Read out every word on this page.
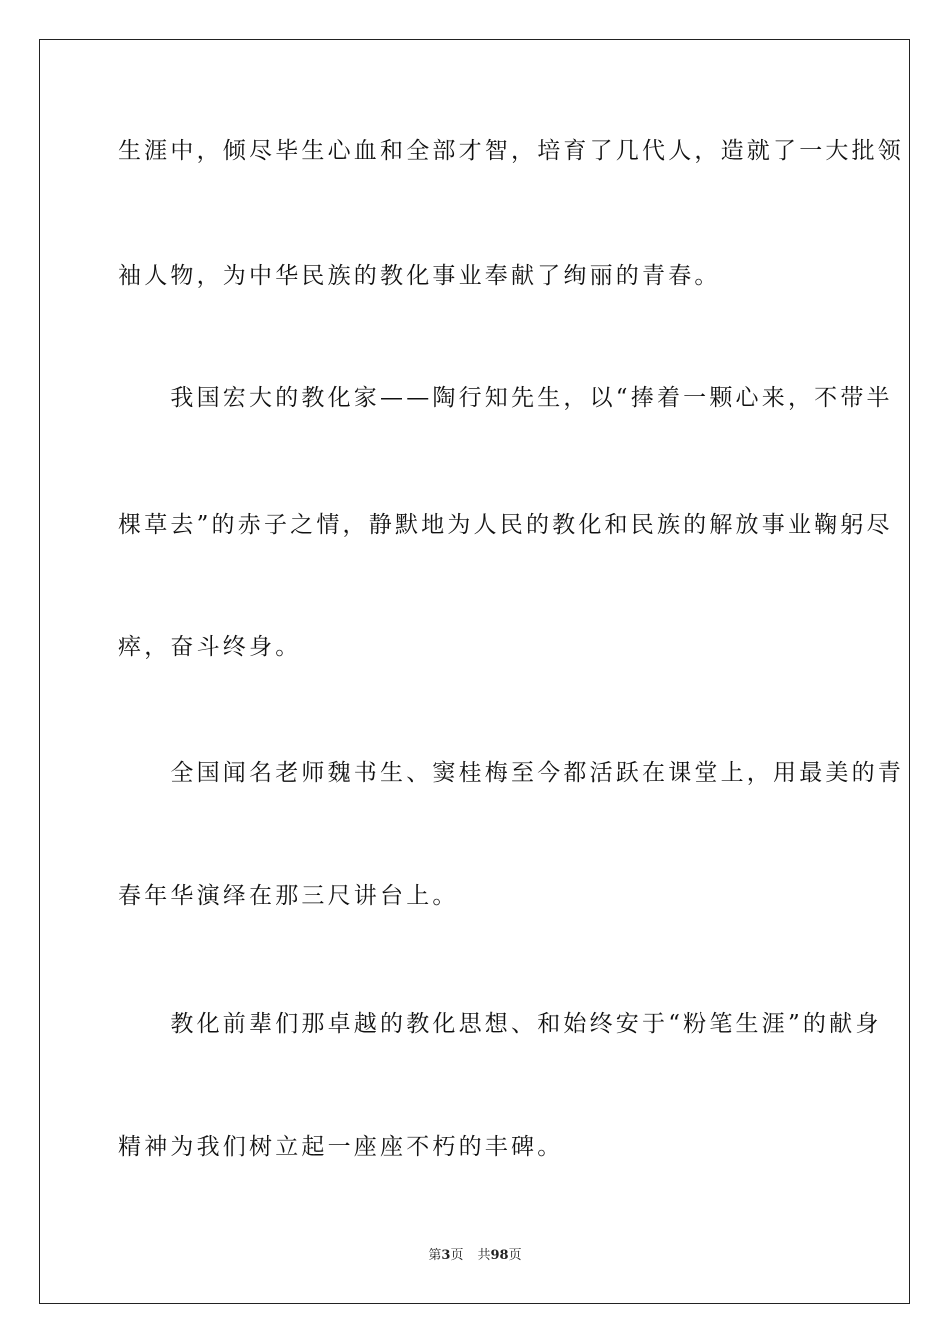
生涯中，倾尽毕生心血和全部才智，培育了几代人，造就了一大批领
袖人物，为中华民族的教化事业奉献了绚丽的青春。
　　我国宏大的教化家——陶行知先生，以“捧着一颗心来，不带半
棵草去”的赤子之情，静默地为人民的教化和民族的解放事业鞠躬尽
瘁，奋斗终身。
　　全国闻名老师魏书生、窦桂梅至今都活跃在课堂上，用最美的青
春年华演绎在那三尺讲台上。
　　教化前辈们那卓越的教化思想、和始终安于“粉笔生涯”的献身
精神为我们树立起一座座不朽的丰碑。
第3页 共98页
